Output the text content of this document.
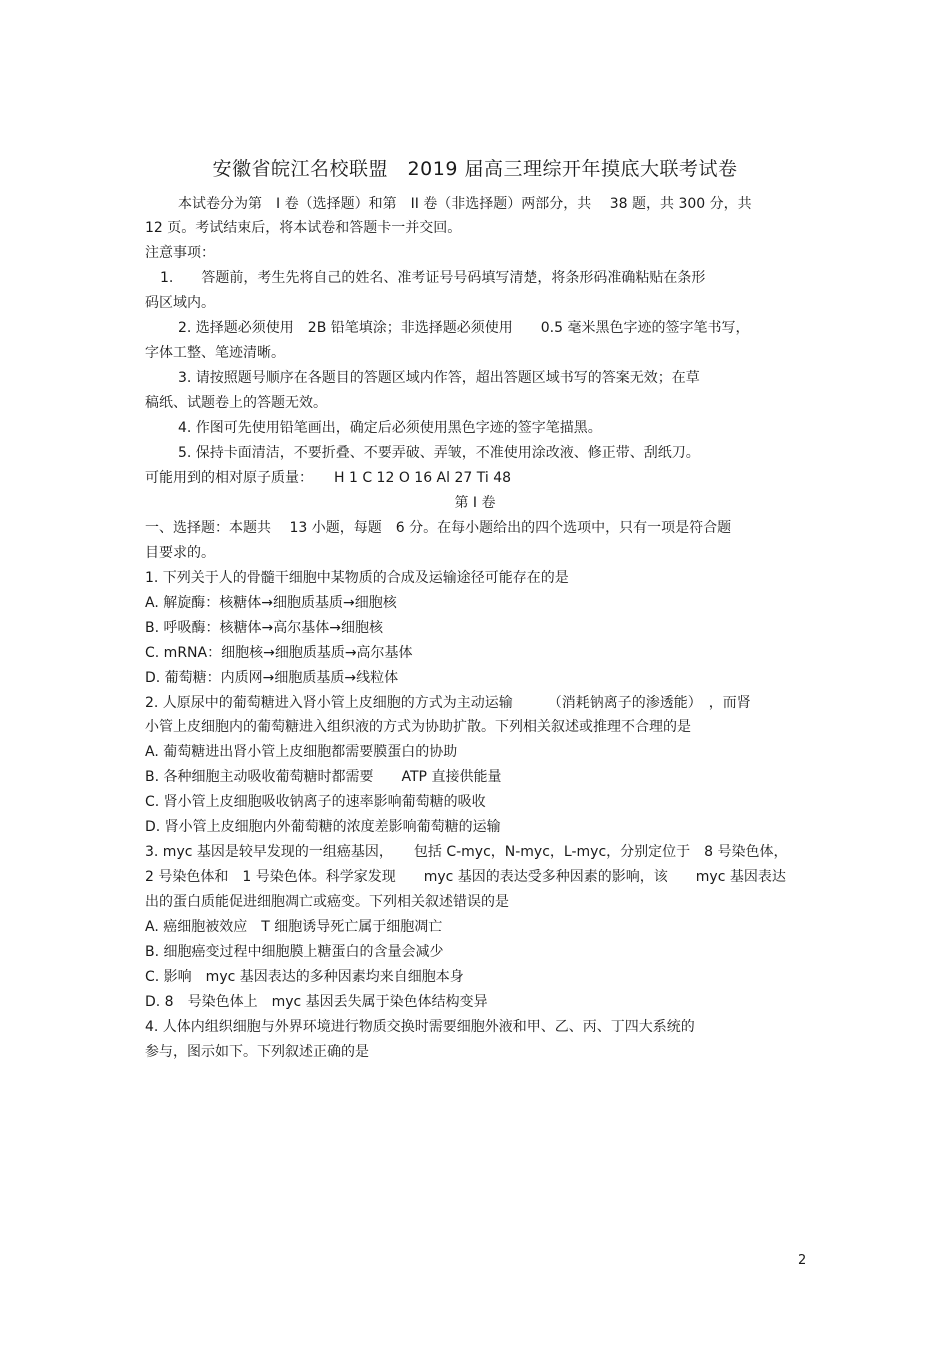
安徽省皖江名校联盟　2019 届高三理综开年摸底大联考试卷

本试卷分为第　I 卷（选择题）和第　II 卷（非选择题）两部分，共　 38 题，共 300 分，共

12 页。考试结束后，将本试卷和答题卡一并交回。

注意事项：

1.　　答题前，考生先将自己的姓名、准考证号号码填写清楚，将条形码准确粘贴在条形

码区域内。

2. 选择题必须使用　2B 铅笔填涂；非选择题必须使用　　0.5 毫米黑色字迹的签字笔书写，

字体工整、笔迹清晰。

3. 请按照题号顺序在各题目的答题区域内作答，超出答题区域书写的答案无效；在草

稿纸、试题卷上的答题无效。

4. 作图可先使用铅笔画出，确定后必须使用黑色字迹的签字笔描黑。

5. 保持卡面清洁，不要折叠、不要弄破、弄皱，不准使用涂改液、修正带、刮纸刀。

可能用到的相对原子质量：　　H 1 C 12 O 16 Al 27 Ti 48

第 I 卷

一、选择题：本题共　 13 小题，每题　6 分。在每小题给出的四个选项中，只有一项是符合题

目要求的。

1. 下列关于人的骨髓干细胞中某物质的合成及运输途径可能存在的是

A. 解旋酶：核糖体→细胞质基质→细胞核

B. 呼吸酶：核糖体→高尔基体→细胞核

C. mRNA：细胞核→细胞质基质→高尔基体

D. 葡萄糖：内质网→细胞质基质→线粒体

2. 人原尿中的葡萄糖进入肾小管上皮细胞的方式为主动运输　　　（消耗钠离子的渗透能）　，而肾

小管上皮细胞内的葡萄糖进入组织液的方式为协助扩散。下列相关叙述或推理不合理的是

A. 葡萄糖进出肾小管上皮细胞都需要膜蛋白的协助

B. 各种细胞主动吸收葡萄糖时都需要　　ATP 直接供能量

C. 肾小管上皮细胞吸收钠离子的速率影响葡萄糖的吸收

D. 肾小管上皮细胞内外葡萄糖的浓度差影响葡萄糖的运输

3. myc 基因是较早发现的一组癌基因，　　包括 C-myc，N-myc，L-myc，分别定位于　8 号染色体，

2 号染色体和　1 号染色体。科学家发现　　myc 基因的表达受多种因素的影响，该　　myc 基因表达

出的蛋白质能促进细胞凋亡或癌变。下列相关叙述错误的是

A. 癌细胞被效应　T 细胞诱导死亡属于细胞凋亡

B. 细胞癌变过程中细胞膜上糖蛋白的含量会减少

C. 影响　myc 基因表达的多种因素均来自细胞本身

D. 8　号染色体上　myc 基因丢失属于染色体结构变异

4. 人体内组织细胞与外界环境进行物质交换时需要细胞外液和甲、乙、丙、丁四大系统的

参与，图示如下。下列叙述正确的是

2
